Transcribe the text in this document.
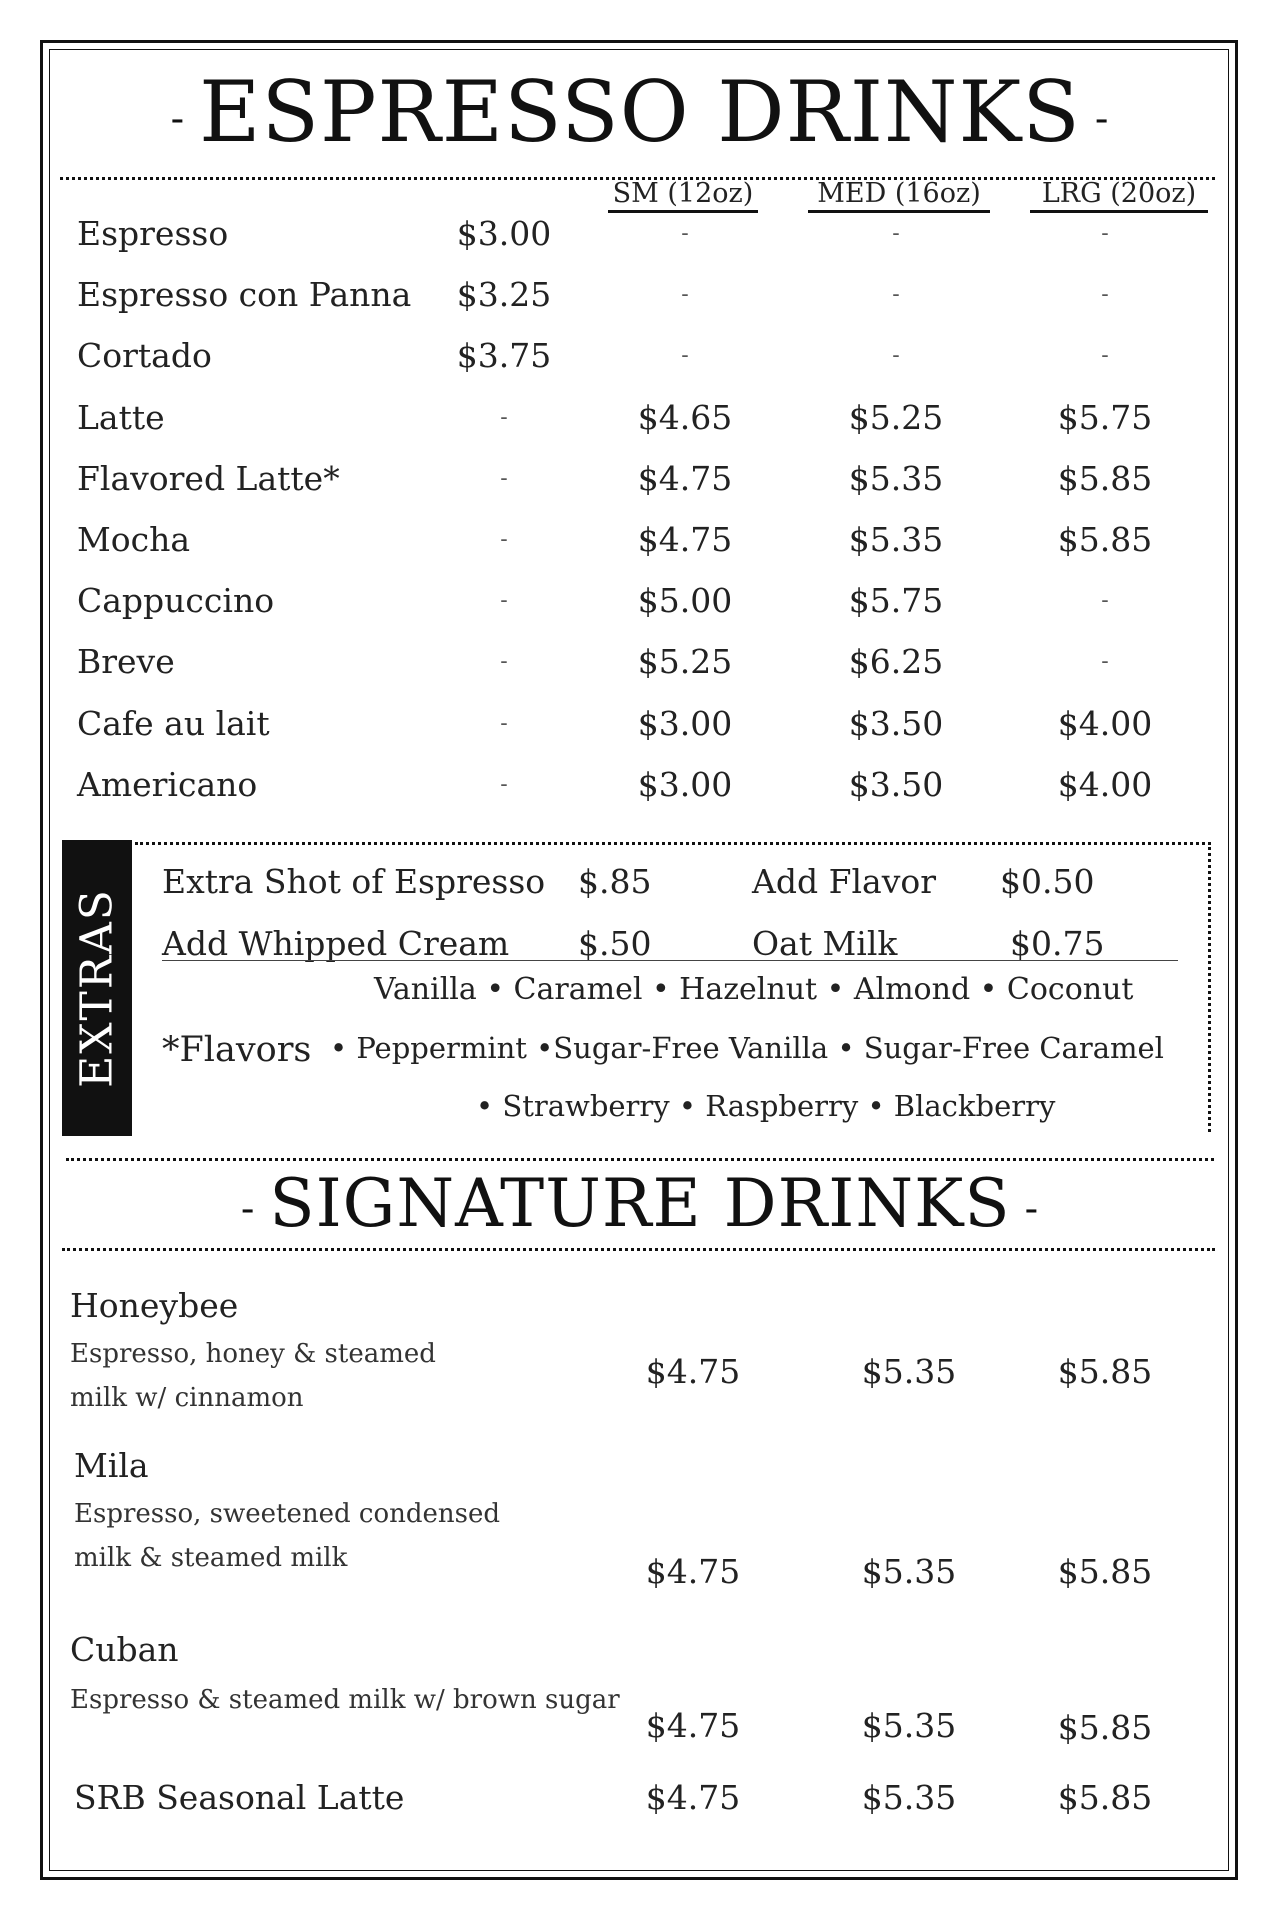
- ESPRESSO DRINKS -
SM (12oz)	MED (16oz)	LRG (20oz)
Espresso	$3.00	-	-	-
Espresso con Panna	$3.25	-	-	-
Cortado	$3.75	-	-	-
Latte	-	$4.65	$5.25	$5.75
Flavored Latte*	-	$4.75	$5.35	$5.85
Mocha	-	$4.75	$5.35	$5.85
Cappuccino	-	$5.00	$5.75	-
Breve	-	$5.25	$6.25	-
Cafe au lait	-	$3.00	$3.50	$4.00
Americano	-	$3.00	$3.50	$4.00
EXTRAS
Extra Shot of Espresso $.85	Add Flavor $0.50
Add Whipped Cream $.50	Oat Milk	$0.75
Vanilla • Caramel • Hazelnut • Almond • Coconut
*Flavors • Peppermint •Sugar-Free Vanilla • Sugar-Free Caramel
• Strawberry • Raspberry • Blackberry
- SIGNATURE DRINKS -
Honeybee
Espresso, honey & steamed milk w/ cinnamon
$4.75	$5.35	$5.85
Mila
Espresso, sweetened condensed milk & steamed milk	$4.75	$5.35	$5.85
Cuban
Espresso & steamed milk w/ brown sugar
$4.75	$5.35	$5.85
SRB Seasonal Latte	$4.75	$5.35	$5.85
